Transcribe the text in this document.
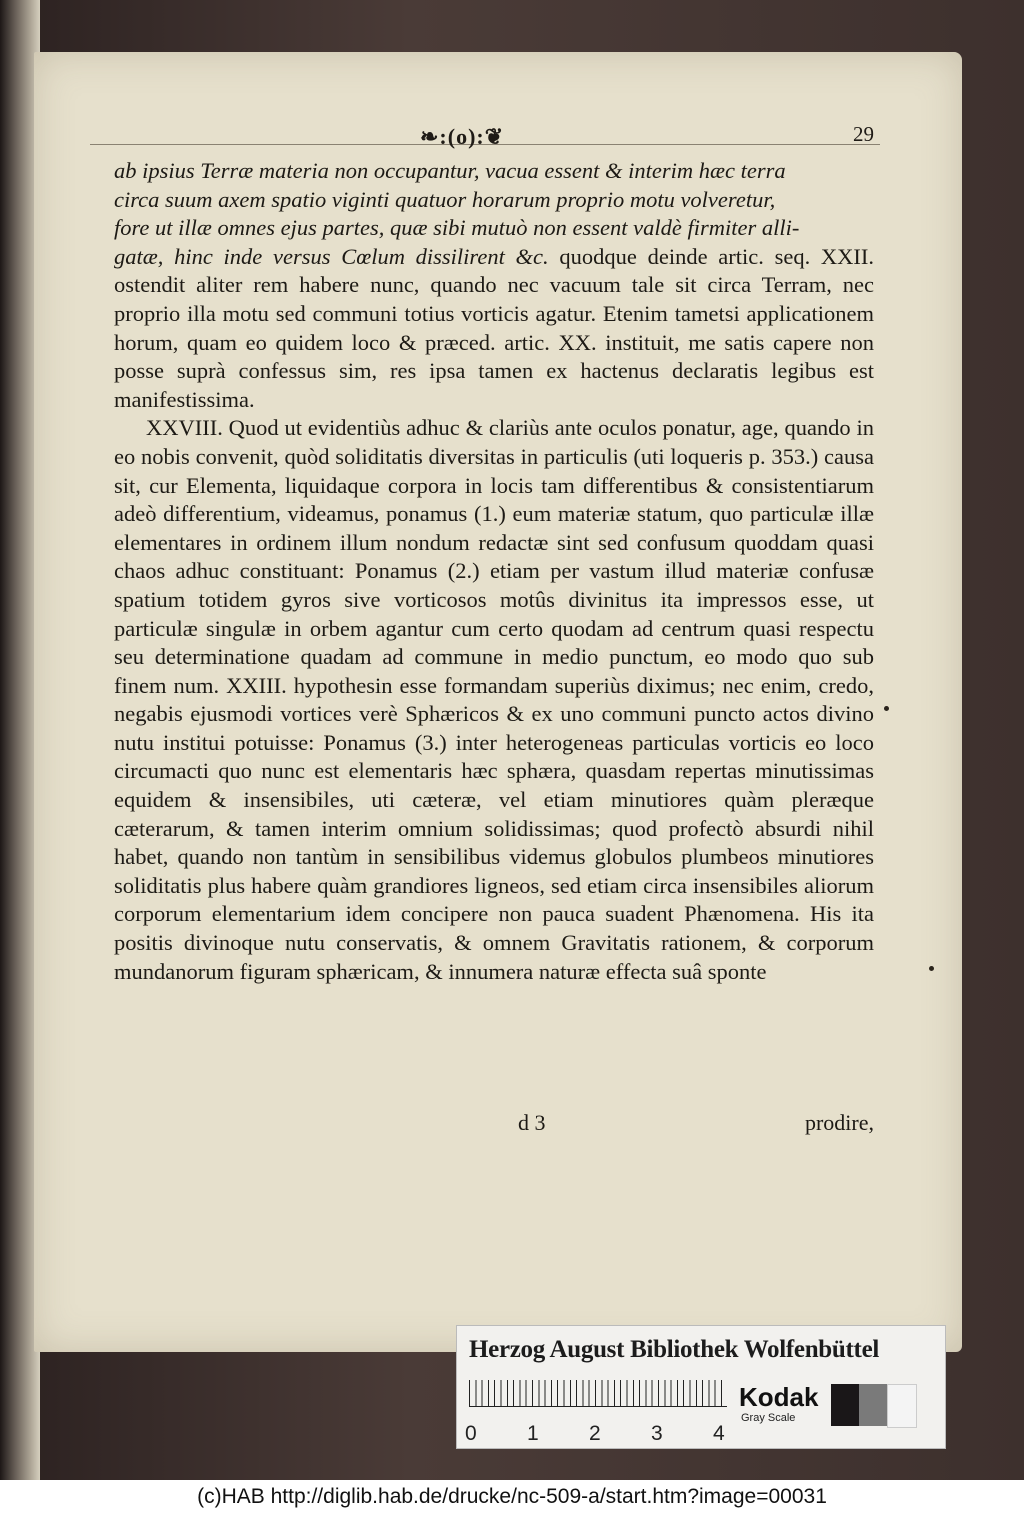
❧:(o):❦	29

ab ipsius Terræ materia non occupantur, vacua essent & interim hæc terra
circa suum axem spatio viginti quatuor horarum proprio motu volveretur,
fore ut illæ omnes ejus partes, quæ sibi mutuò non essent valdè firmiter alli-
gatæ, hinc inde versus Cœlum dissilirent &c. quodque deinde artic. seq. XXII. ostendit aliter rem habere nunc, quando nec vacuum tale sit circa Terram, nec proprio illa motu sed communi totius vorticis agatur. Etenim tametsi applicationem horum, quam eo quidem loco & præced. artic. XX. instituit, me satis capere non posse suprà confessus sim, res ipsa tamen ex hactenus declaratis legibus est manifestissima.

XXVIII. Quod ut evidentiùs adhuc & clariùs ante oculos ponatur, age, quando in eo nobis convenit, quòd soliditatis diversitas in particulis (uti loqueris p. 353.) causa sit, cur Elementa, liquidaque corpora in locis tam differentibus & consistentiarum adeò differentium, videamus, ponamus (1.) eum materiæ statum, quo particulæ illæ elementares in ordinem illum nondum redactæ sint sed confusum quoddam quasi chaos adhuc constituant: Ponamus (2.) etiam per vastum illud materiæ confusæ spatium totidem gyros sive vorticosos motûs divinitus ita impressos esse, ut particulæ singulæ in orbem agantur cum certo quodam ad centrum quasi respectu seu determinatione quadam ad commune in medio punctum, eo modo quo sub finem num. XXIII. hypothesin esse formandam superiùs diximus; nec enim, credo, negabis ejusmodi vortices verè Sphæricos & ex uno communi puncto actos divino nutu institui potuisse: Ponamus (3.) inter heterogeneas particulas vorticis eo loco circumacti quo nunc est elementaris hæc sphæra, quasdam repertas minutissimas equidem & insensibiles, uti cæteræ, vel etiam minutiores quàm pleræque cæterarum, & tamen interim omnium solidissimas; quod profectò absurdi nihil habet, quando non tantùm in sensibilibus videmus globulos plumbeos minutiores soliditatis plus habere quàm grandiores ligneos, sed etiam circa insensibiles aliorum corporum elementarium idem concipere non pauca suadent Phænomena. His ita positis divinoque nutu conservatis, & omnem Gravitatis rationem, & corporum mundanorum figuram sphæricam, & innumera naturæ effecta suâ sponte

d 3	prodire,
Herzog August Bibliothek Wolfenbüttel
0 1 2 3 4
Kodak
Gray Scale
(c)HAB http://diglib.hab.de/drucke/nc-509-a/start.htm?image=00031
